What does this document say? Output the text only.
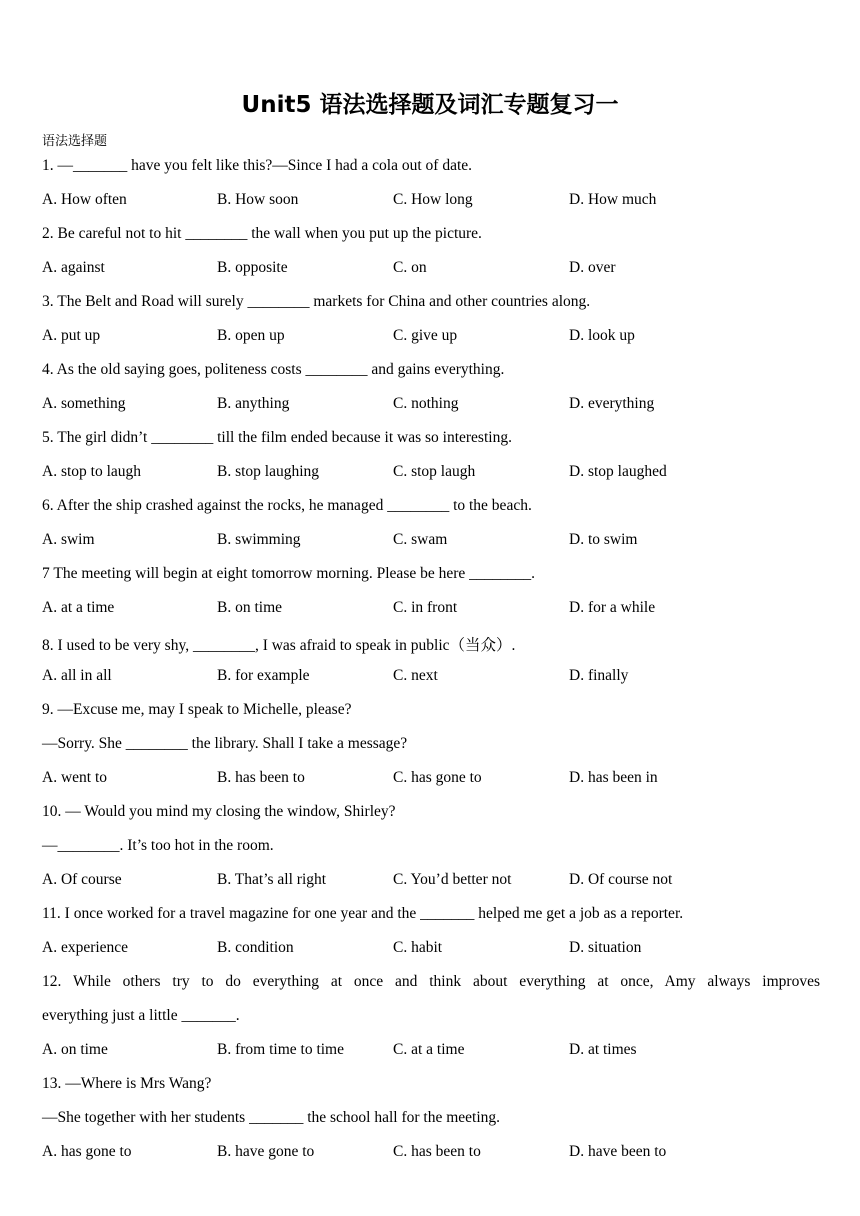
Unit5 语法选择题及词汇专题复习一
语法选择题
1. —_______ have you felt like this?—Since I had a cola out of date.
A. How often	B. How soon	C. How long	D. How much
2. Be careful not to hit ________ the wall when you put up the picture.
A. against	B. opposite	C. on	D. over
3. The Belt and Road will surely ________ markets for China and other countries along.
A. put up	B. open up	C. give up	D. look up
4. As the old saying goes, politeness costs ________ and gains everything.
A. something	B. anything	C. nothing	D. everything
5. The girl didn’t ________ till the film ended because it was so interesting.
A. stop to laugh	B. stop laughing	C. stop laugh	D. stop laughed
6. After the ship crashed against the rocks, he managed ________ to the beach.
A. swim	B. swimming	C. swam	D. to swim
7 The meeting will begin at eight tomorrow morning. Please be here ________.
A. at a time	B. on time	C. in front	D. for a while
8. I used to be very shy, ________, I was afraid to speak in public（当众）.
A. all in all	B. for example	C. next	D. finally
9. —Excuse me, may I speak to Michelle, please?
—Sorry. She ________ the library. Shall I take a message?
A. went to	B. has been to	C. has gone to	D. has been in
10. — Would you mind my closing the window, Shirley?
—________. It’s too hot in the room.
A. Of course	B. That’s all right	C. You’d better not	D. Of course not
11. I once worked for a travel magazine for one year and the _______ helped me get a job as a reporter.
A. experience	B. condition	C. habit	D. situation
12. While others try to do everything at once and think about everything at once, Amy always improves
everything just a little _______.
A. on time	B. from time to time	C. at a time	D. at times
13. —Where is Mrs Wang?
—She together with her students _______ the school hall for the meeting.
A. has gone to	B. have gone to	C. has been to	D. have been to
